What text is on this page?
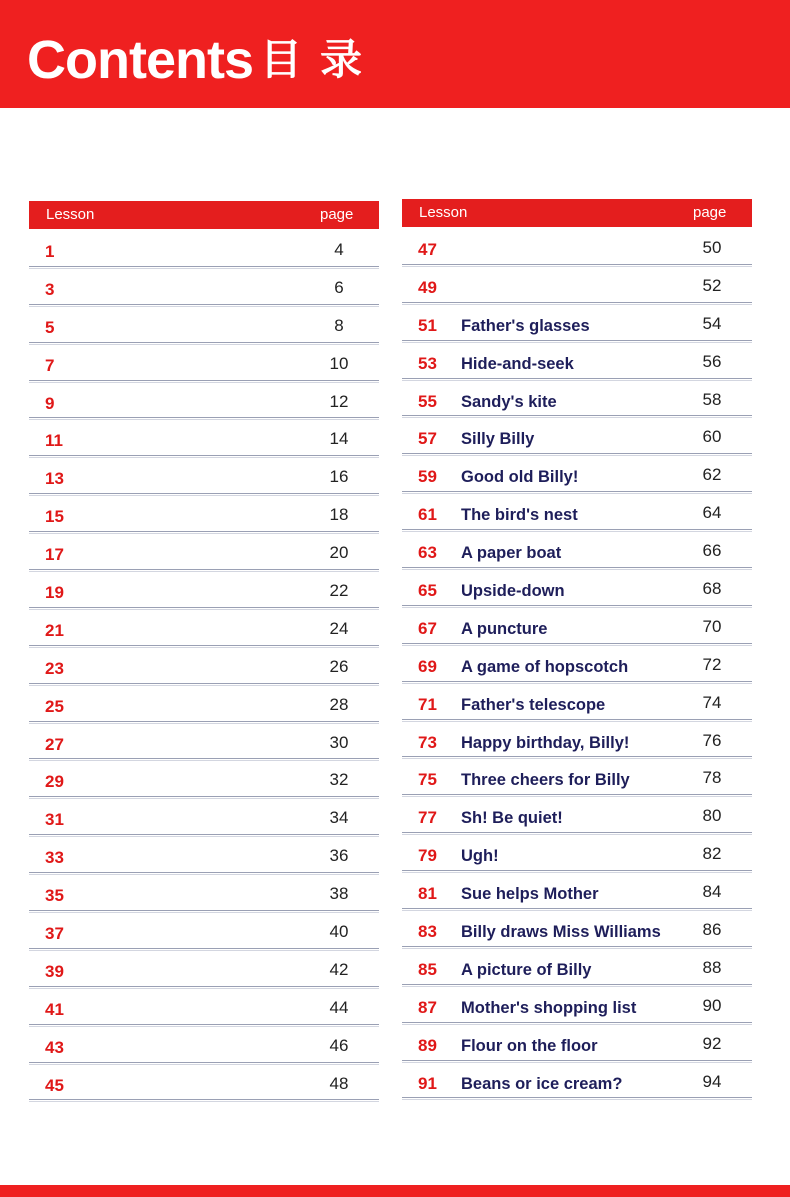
Contents 目录
Lesson	page
1	4
3	6
5	8
7	10
9	12
11	14
13	16
15	18
17	20
19	22
21	24
23	26
25	28
27	30
29	32
31	34
33	36
35	38
37	40
39	42
41	44
43	46
45	48
Lesson	page
47	50
49	52
51 Father's glasses	54
53 Hide-and-seek	56
55 Sandy's kite	58
57 Silly Billy	60
59 Good old Billy!	62
61 The bird's nest	64
63 A paper boat	66
65 Upside-down	68
67 A puncture	70
69 A game of hopscotch	72
71 Father's telescope	74
73 Happy birthday, Billy!	76
75 Three cheers for Billy	78
77 Sh! Be quiet!	80
79 Ugh!	82
81 Sue helps Mother	84
83 Billy draws Miss Williams	86
85 A picture of Billy	88
87 Mother's shopping list	90
89 Flour on the floor	92
91 Beans or ice cream?	94
